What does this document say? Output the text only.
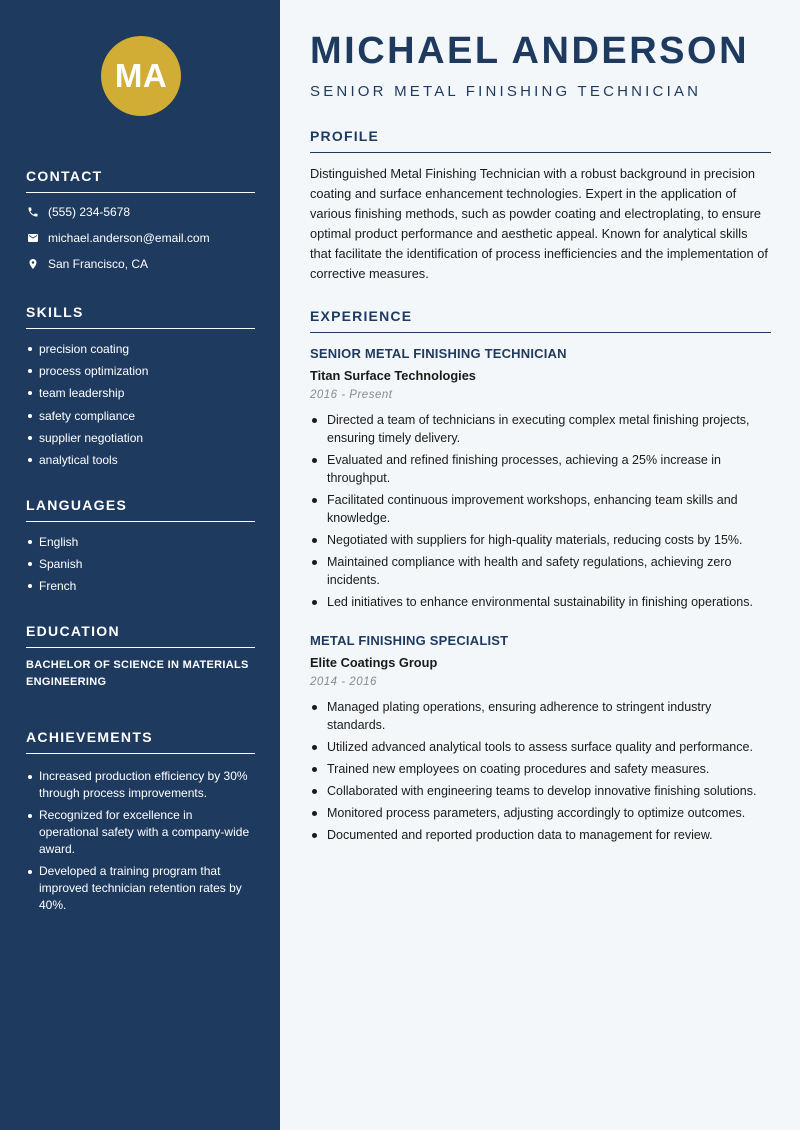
MA
CONTACT
(555) 234-5678
michael.anderson@email.com
San Francisco, CA
SKILLS
precision coating
process optimization
team leadership
safety compliance
supplier negotiation
analytical tools
LANGUAGES
English
Spanish
French
EDUCATION
BACHELOR OF SCIENCE IN MATERIALS ENGINEERING
ACHIEVEMENTS
Increased production efficiency by 30% through process improvements.
Recognized for excellence in operational safety with a company-wide award.
Developed a training program that improved technician retention rates by 40%.
MICHAEL ANDERSON
SENIOR METAL FINISHING TECHNICIAN
PROFILE

Distinguished Metal Finishing Technician with a robust background in precision coating and surface enhancement technologies. Expert in the application of various finishing methods, such as powder coating and electroplating, to ensure optimal product performance and aesthetic appeal. Known for analytical skills that facilitate the identification of process inefficiencies and the implementation of corrective measures.

EXPERIENCE
SENIOR METAL FINISHING TECHNICIAN
Titan Surface Technologies
2016 - Present
Directed a team of technicians in executing complex metal finishing projects, ensuring timely delivery.
Evaluated and refined finishing processes, achieving a 25% increase in throughput.
Facilitated continuous improvement workshops, enhancing team skills and knowledge.
Negotiated with suppliers for high-quality materials, reducing costs by 15%.
Maintained compliance with health and safety regulations, achieving zero incidents.
Led initiatives to enhance environmental sustainability in finishing operations.
METAL FINISHING SPECIALIST
Elite Coatings Group
2014 - 2016
Managed plating operations, ensuring adherence to stringent industry standards.
Utilized advanced analytical tools to assess surface quality and performance.
Trained new employees on coating procedures and safety measures.
Collaborated with engineering teams to develop innovative finishing solutions.
Monitored process parameters, adjusting accordingly to optimize outcomes.
Documented and reported production data to management for review.
